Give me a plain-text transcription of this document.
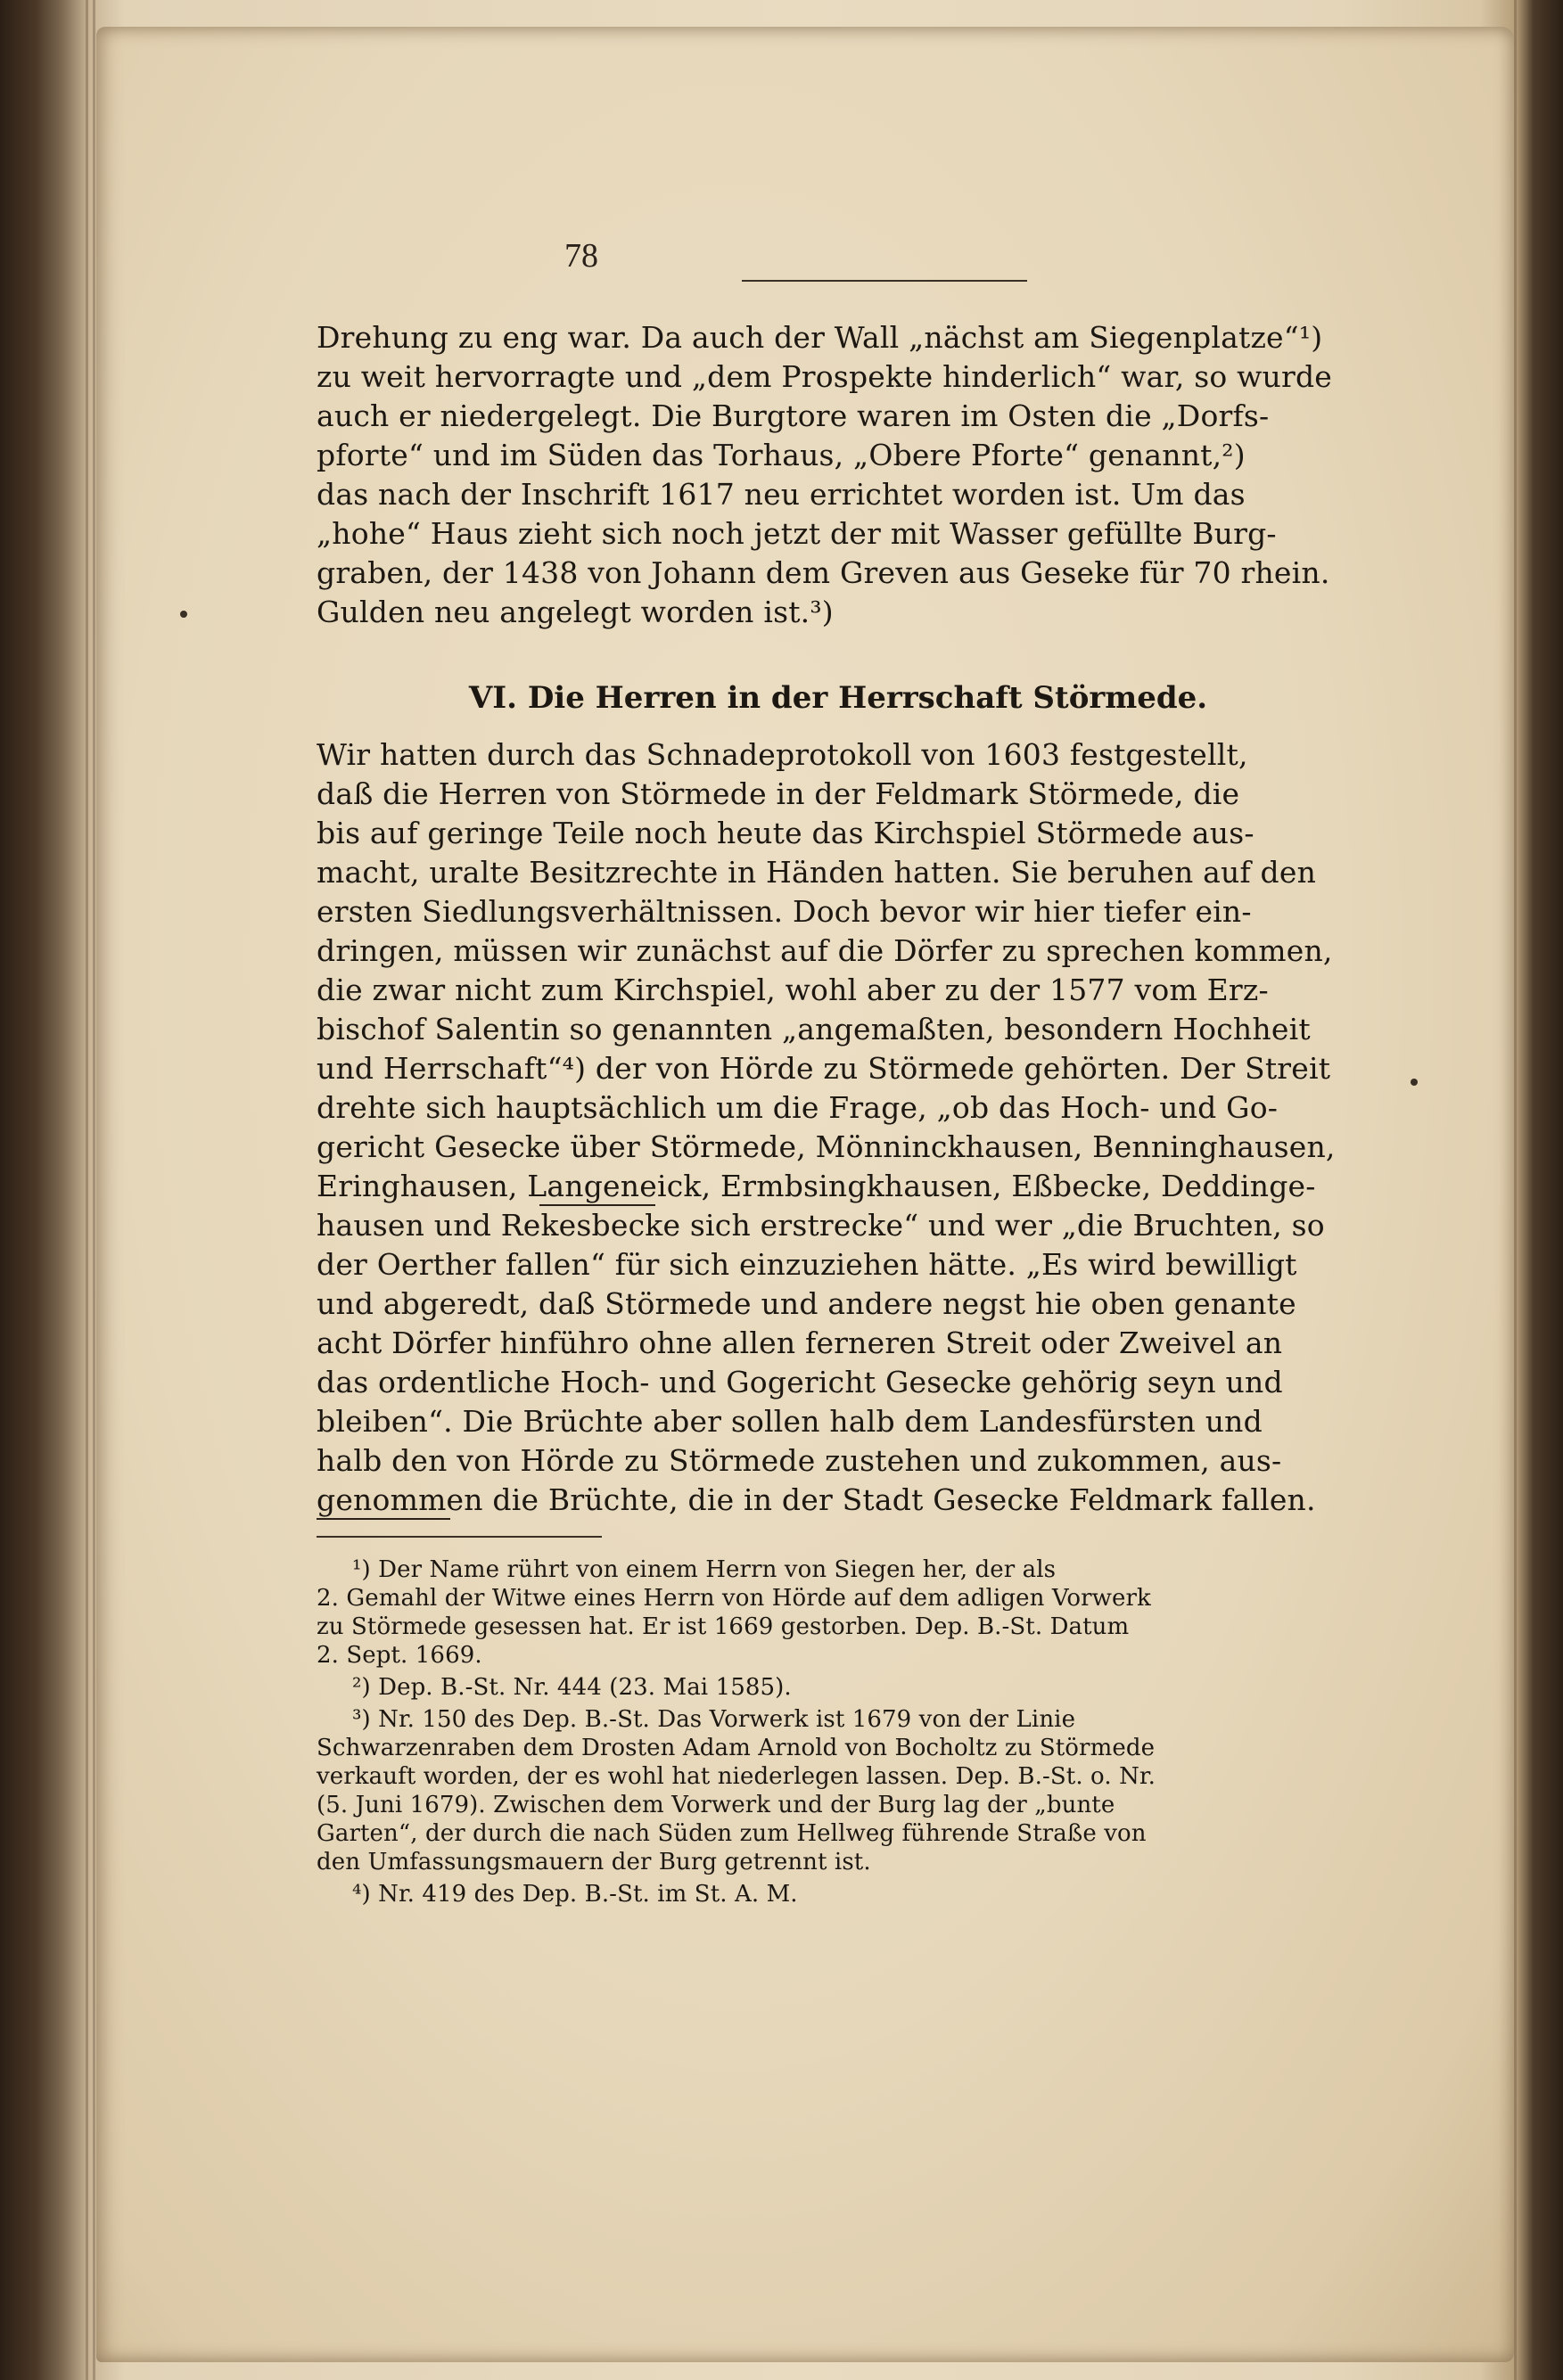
78
Drehung zu eng war. Da auch der Wall „nächst am Siegenplatze“¹)
zu weit hervorragte und „dem Prospekte hinderlich“ war, so wurde
auch er niedergelegt. Die Burgtore waren im Osten die „Dorfs-
pforte“ und im Süden das Torhaus, „Obere Pforte“ genannt,²)
das nach der Inschrift 1617 neu errichtet worden ist. Um das
„hohe“ Haus zieht sich noch jetzt der mit Wasser gefüllte Burg-
graben, der 1438 von Johann dem Greven aus Geseke für 70 rhein.
Gulden neu angelegt worden ist.³)
VI. Die Herren in der Herrschaft Störmede.
Wir hatten durch das Schnadeprotokoll von 1603 festgestellt,
daß die Herren von Störmede in der Feldmark Störmede, die
bis auf geringe Teile noch heute das Kirchspiel Störmede aus-
macht, uralte Besitzrechte in Händen hatten. Sie beruhen auf den
ersten Siedlungsverhältnissen. Doch bevor wir hier tiefer ein-
dringen, müssen wir zunächst auf die Dörfer zu sprechen kommen,
die zwar nicht zum Kirchspiel, wohl aber zu der 1577 vom Erz-
bischof Salentin so genannten „angemaßten, besondern Hochheit
und Herrschaft“⁴) der von Hörde zu Störmede gehörten. Der Streit
drehte sich hauptsächlich um die Frage, „ob das Hoch- und Go-
gericht Gesecke über Störmede, Mönninckhausen, Benninghausen,
Eringhausen, Langeneick, Ermbsingkhausen, Eßbecke, Deddinge-
hausen und Rekesbecke sich erstrecke“ und wer „die Bruchten, so
der Oerther fallen“ für sich einzuziehen hätte. „Es wird bewilligt
und abgeredt, daß Störmede und andere negst hie oben genante
acht Dörfer hinführo ohne allen ferneren Streit oder Zweivel an
das ordentliche Hoch- und Gogericht Gesecke gehörig seyn und
bleiben“. Die Brüchte aber sollen halb dem Landesfürsten und
halb den von Hörde zu Störmede zustehen und zukommen, aus-
genommen die Brüchte, die in der Stadt Gesecke Feldmark fallen.
¹) Der Name rührt von einem Herrn von Siegen her, der als
2. Gemahl der Witwe eines Herrn von Hörde auf dem adligen Vorwerk
zu Störmede gesessen hat. Er ist 1669 gestorben. Dep. B.-St. Datum
2. Sept. 1669.
²) Dep. B.-St. Nr. 444 (23. Mai 1585).
³) Nr. 150 des Dep. B.-St. Das Vorwerk ist 1679 von der Linie
Schwarzenraben dem Drosten Adam Arnold von Bocholtz zu Störmede
verkauft worden, der es wohl hat niederlegen lassen. Dep. B.-St. o. Nr.
(5. Juni 1679). Zwischen dem Vorwerk und der Burg lag der „bunte
Garten“, der durch die nach Süden zum Hellweg führende Straße von
den Umfassungsmauern der Burg getrennt ist.
⁴) Nr. 419 des Dep. B.-St. im St. A. M.
